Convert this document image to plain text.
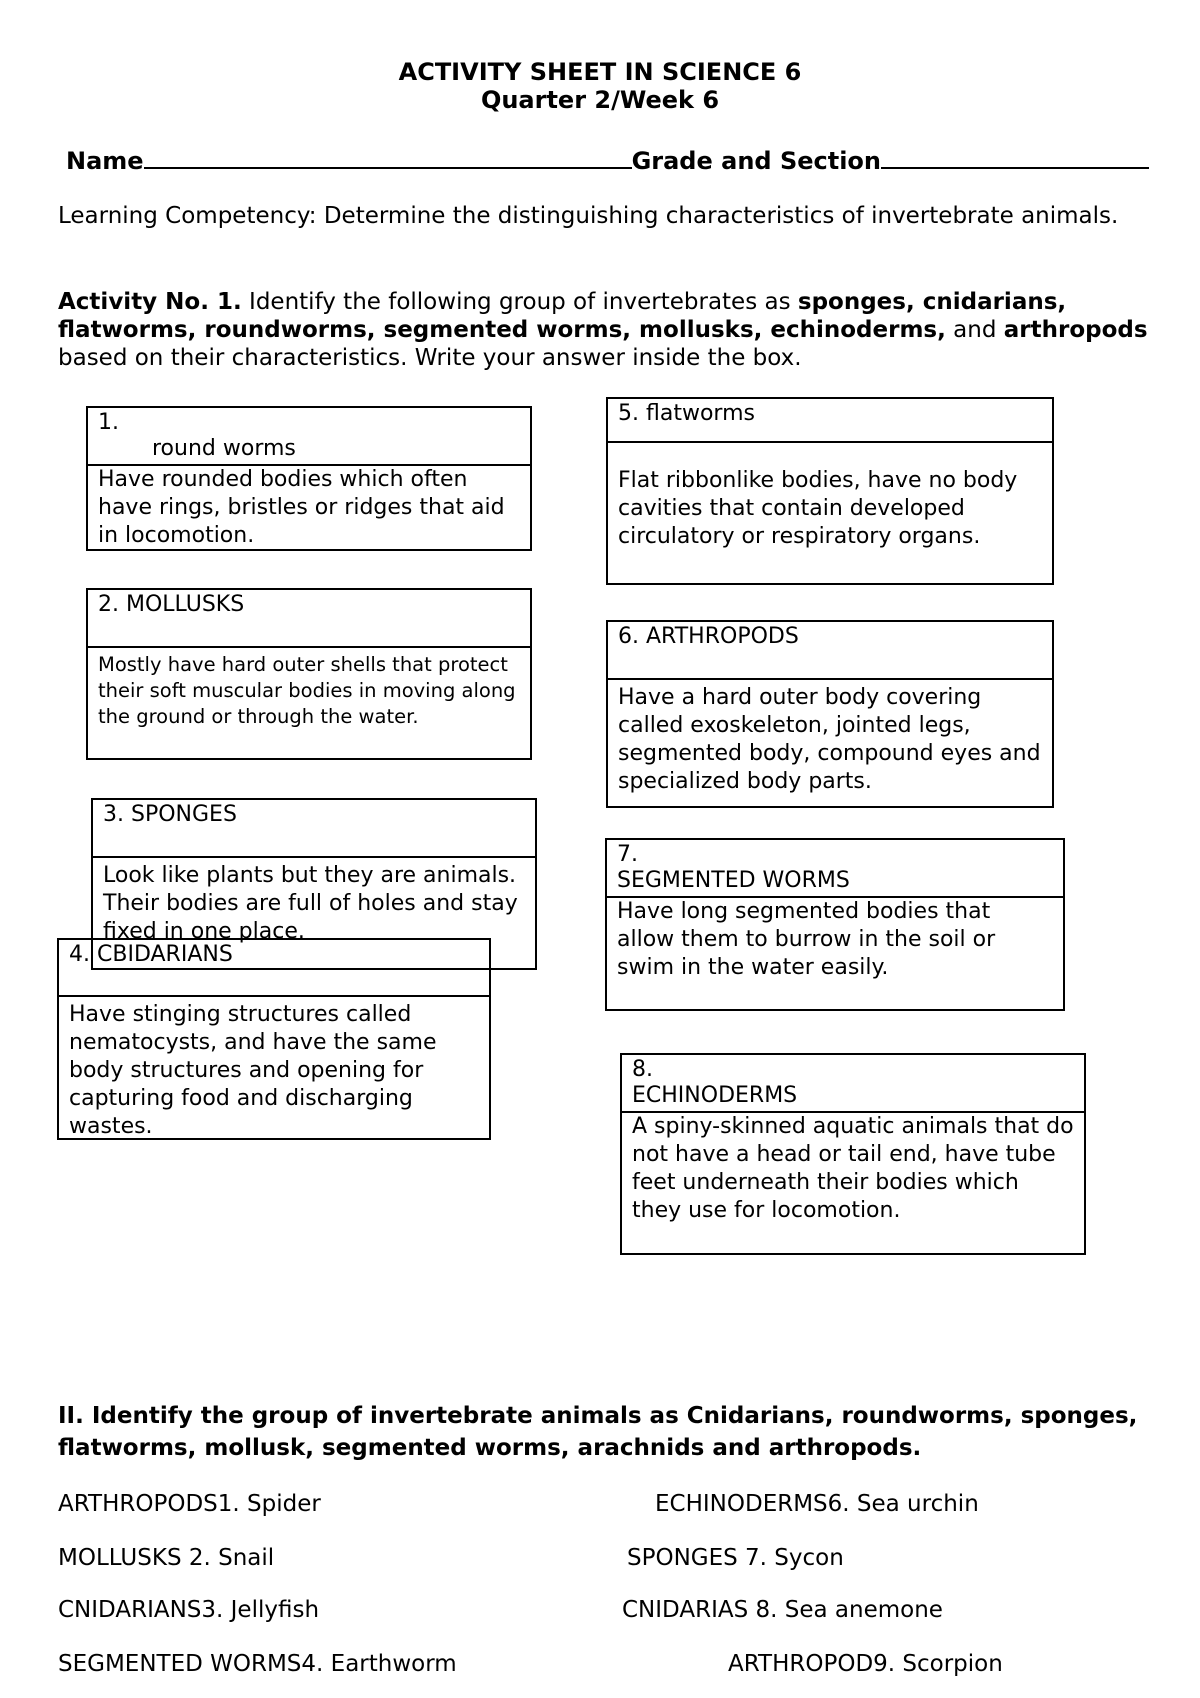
ACTIVITY SHEET IN SCIENCE 6
Quarter 2/Week 6
Name	Grade and Section
Learning Competency: Determine the distinguishing characteristics of invertebrate animals.
Activity No. 1. Identify the following group of invertebrates as sponges, cnidarians, flatworms, roundworms, segmented worms, mollusks, echinoderms, and arthropods based on their characteristics. Write your answer inside the box.
1.
round worms
Have rounded bodies which often have rings, bristles or ridges that aid in locomotion.
2. MOLLUSKS
Mostly have hard outer shells that protect their soft muscular bodies in moving along the ground or through the water.
4. CBIDARIANS
Have stinging structures called nematocysts, and have the same body structures and opening for capturing food and discharging wastes.
3. SPONGES
Look like plants but they are animals. Their bodies are full of holes and stay fixed in one place.
5. flatworms
Flat ribbonlike bodies, have no body cavities that contain developed circulatory or respiratory organs.
6. ARTHROPODS
Have a hard outer body covering called exoskeleton, jointed legs, segmented body, compound eyes and specialized body parts.
7.
SEGMENTED WORMS
Have long segmented bodies that allow them to burrow in the soil or swim in the water easily.
8.
ECHINODERMS
A spiny-skinned aquatic animals that do not have a head or tail end, have tube feet underneath their bodies which they use for locomotion.
II. Identify the group of invertebrate animals as Cnidarians, roundworms, sponges, flatworms, mollusk, segmented worms, arachnids and arthropods.
ARTHROPODS1. Spider
MOLLUSKS 2. Snail
CNIDARIANS3. Jellyfish
SEGMENTED WORMS4. Earthworm
ECHINODERMS6. Sea urchin
SPONGES 7. Sycon
CNIDARIAS 8. Sea anemone
ARTHROPOD9. Scorpion
